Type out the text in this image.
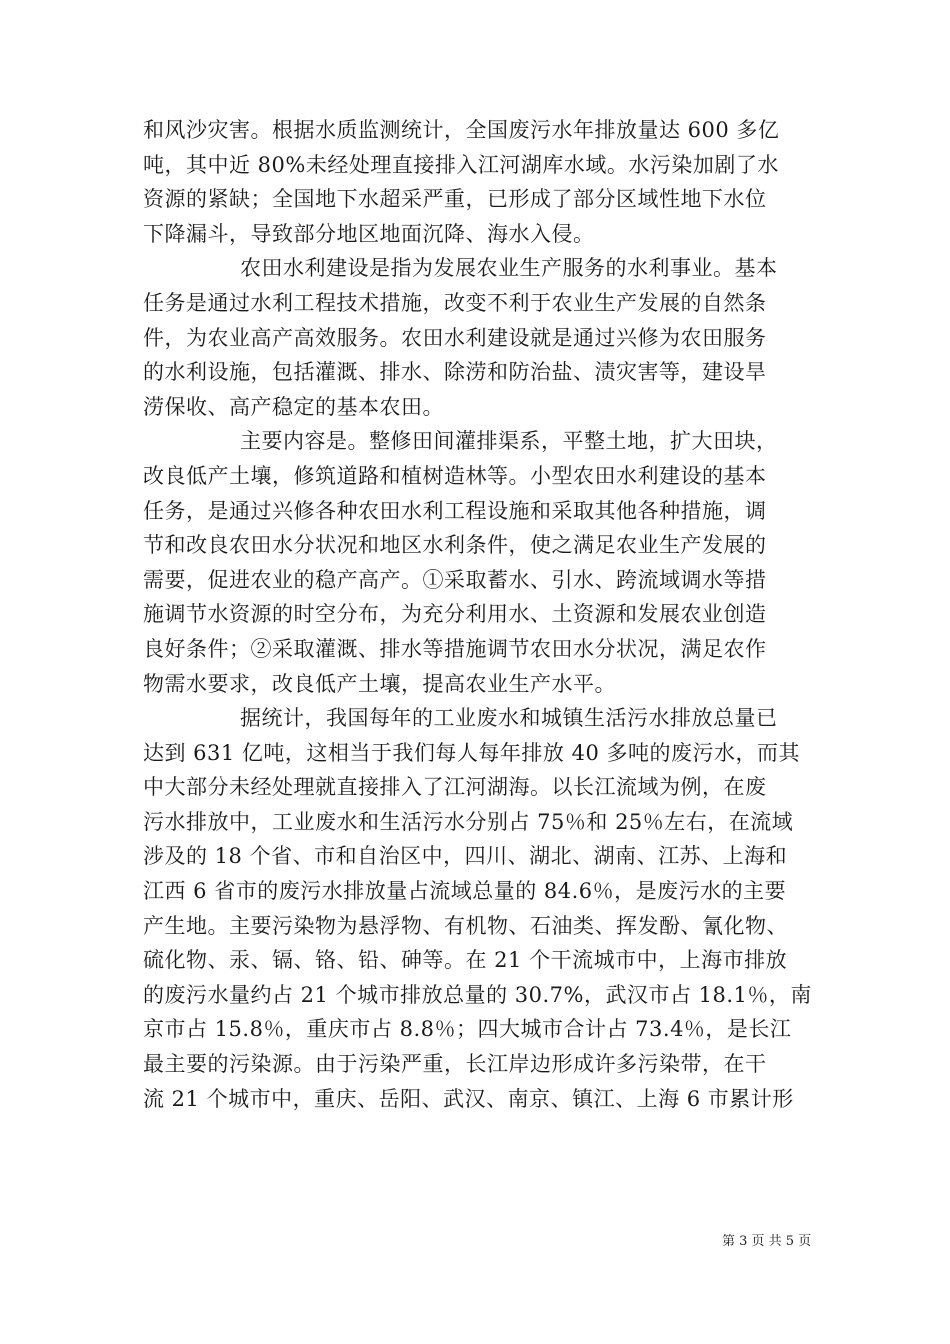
和风沙灾害。根据水质监测统计，全国废污水年排放量达 600 多亿
吨，其中近 80%未经处理直接排入江河湖库水域。水污染加剧了水
资源的紧缺；全国地下水超采严重，已形成了部分区域性地下水位
下降漏斗，导致部分地区地面沉降、海水入侵。
农田水利建设是指为发展农业生产服务的水利事业。基本
任务是通过水利工程技术措施，改变不利于农业生产发展的自然条
件，为农业高产高效服务。农田水利建设就是通过兴修为农田服务
的水利设施，包括灌溉、排水、除涝和防治盐、渍灾害等，建设旱
涝保收、高产稳定的基本农田。
主要内容是。整修田间灌排渠系，平整土地，扩大田块，
改良低产土壤，修筑道路和植树造林等。小型农田水利建设的基本
任务，是通过兴修各种农田水利工程设施和采取其他各种措施，调
节和改良农田水分状况和地区水利条件，使之满足农业生产发展的
需要，促进农业的稳产高产。①采取蓄水、引水、跨流域调水等措
施调节水资源的时空分布，为充分利用水、土资源和发展农业创造
良好条件；②采取灌溉、排水等措施调节农田水分状况，满足农作
物需水要求，改良低产土壤，提高农业生产水平。
据统计，我国每年的工业废水和城镇生活污水排放总量已
达到 631 亿吨，这相当于我们每人每年排放 40 多吨的废污水，而其
中大部分未经处理就直接排入了江河湖海。以长江流域为例，在废
污水排放中，工业废水和生活污水分别占 75％和 25％左右，在流域
涉及的 18 个省、市和自治区中，四川、湖北、湖南、江苏、上海和
江西 6 省市的废污水排放量占流域总量的 84.6％，是废污水的主要
产生地。主要污染物为悬浮物、有机物、石油类、挥发酚、氰化物、
硫化物、汞、镉、铬、铅、砷等。在 21 个干流城市中，上海市排放
的废污水量约占 21 个城市排放总量的 30.7%，武汉市占 18.1％，南
京市占 15.8％，重庆市占 8.8％；四大城市合计占 73.4％，是长江
最主要的污染源。由于污染严重，长江岸边形成许多污染带，在干
流 21 个城市中，重庆、岳阳、武汉、南京、镇江、上海 6 市累计形
第 3 页 共 5 页
